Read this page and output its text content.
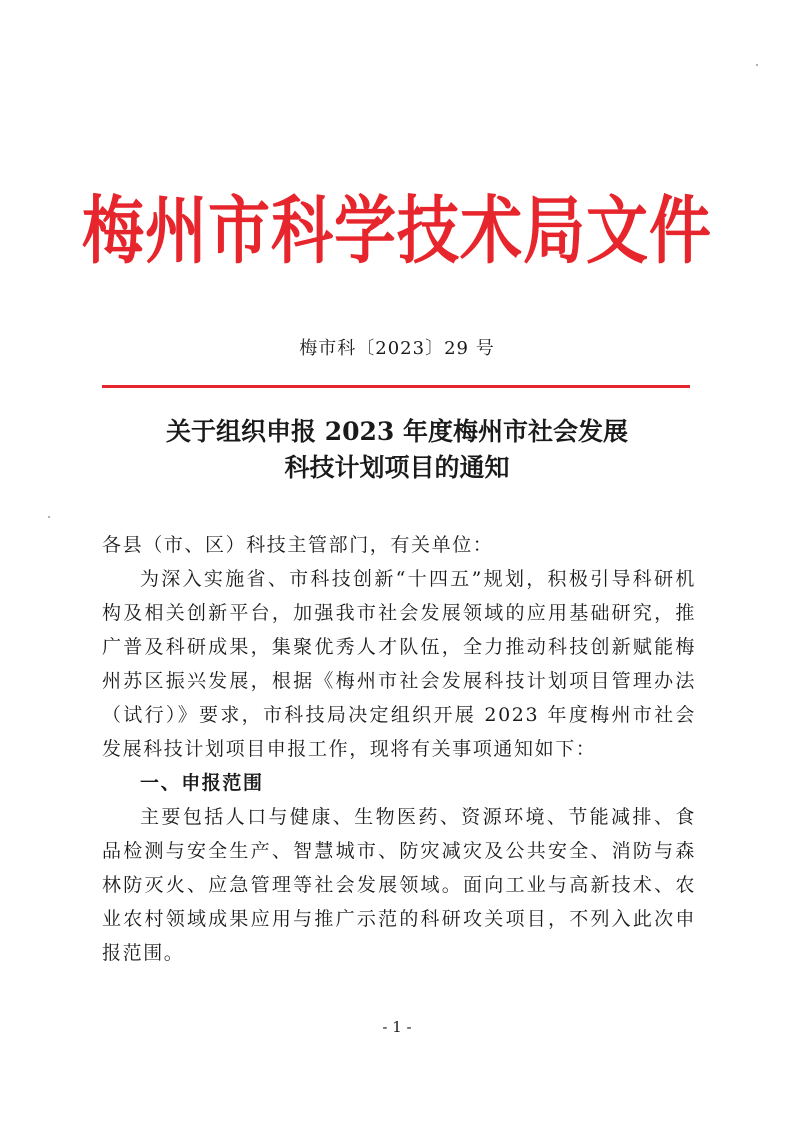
梅州市科学技术局文件
梅市科〔2023〕29 号
关于组织申报 2023 年度梅州市社会发展
科技计划项目的通知

各县（市、区）科技主管部门，有关单位：

为深入实施省、市科技创新“十四五”规划，积极引导科研机构及相关创新平台，加强我市社会发展领域的应用基础研究，推广普及科研成果，集聚优秀人才队伍，全力推动科技创新赋能梅州苏区振兴发展，根据《梅州市社会发展科技计划项目管理办法（试行）》要求，市科技局决定组织开展 2023 年度梅州市社会发展科技计划项目申报工作，现将有关事项通知如下：

一、申报范围

主要包括人口与健康、生物医药、资源环境、节能减排、食品检测与安全生产、智慧城市、防灾减灾及公共安全、消防与森林防灭火、应急管理等社会发展领域。面向工业与高新技术、农业农村领域成果应用与推广示范的科研攻关项目，不列入此次申报范围。

- 1 -
